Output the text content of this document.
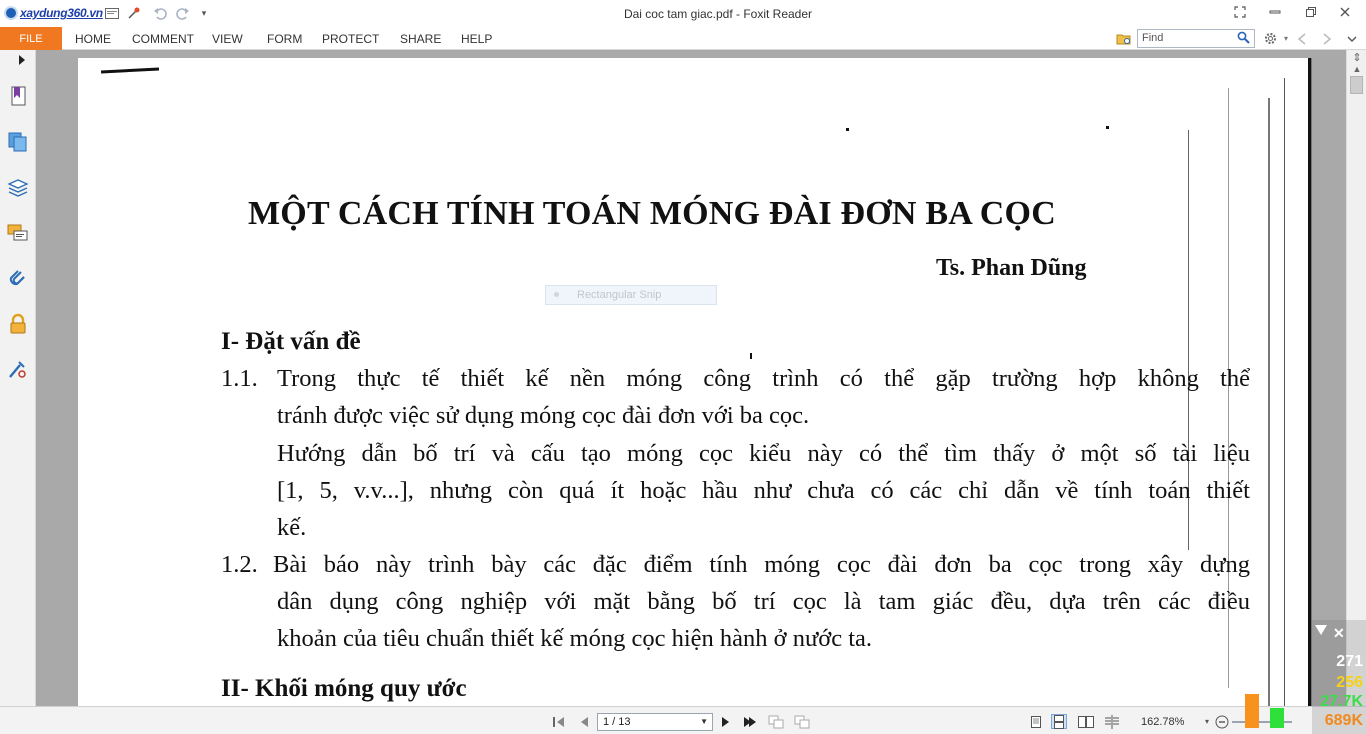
xaydung360.vn	▾	Dai coc tam giac.pdf - Foxit Reader
FILE	HOME COMMENT VIEW FORM PROTECT SHARE HELP	Find	▾
MỘT CÁCH TÍNH TOÁN MÓNG ĐÀI ĐƠN BA CỌC
Ts. Phan Dũng
Rectangular Snip
I- Đặt vấn đề
1.1. Trong thực tế thiết kế nền móng công trình có thể gặp trường hợp không thể
tránh được việc sử dụng móng cọc đài đơn với ba cọc.
Hướng dẫn bố trí và cấu tạo móng cọc kiểu này có thể tìm thấy ở một số tài liệu
[1, 5, v.v...], nhưng còn quá ít hoặc hầu như chưa có các chỉ dẫn về tính toán thiết
kế.
1.2. Bài báo này trình bày các đặc điểm tính móng cọc đài đơn ba cọc trong xây dựng
dân dụng công nghiệp với mặt bằng bố trí cọc là tam giác đều, dựa trên các điều
khoản của tiêu chuẩn thiết kế móng cọc hiện hành ở nước ta.
II- Khối móng quy ước
⇕
▲
1 / 13	▼	162.78%	▾
✕
271
256
27.7K
689K
